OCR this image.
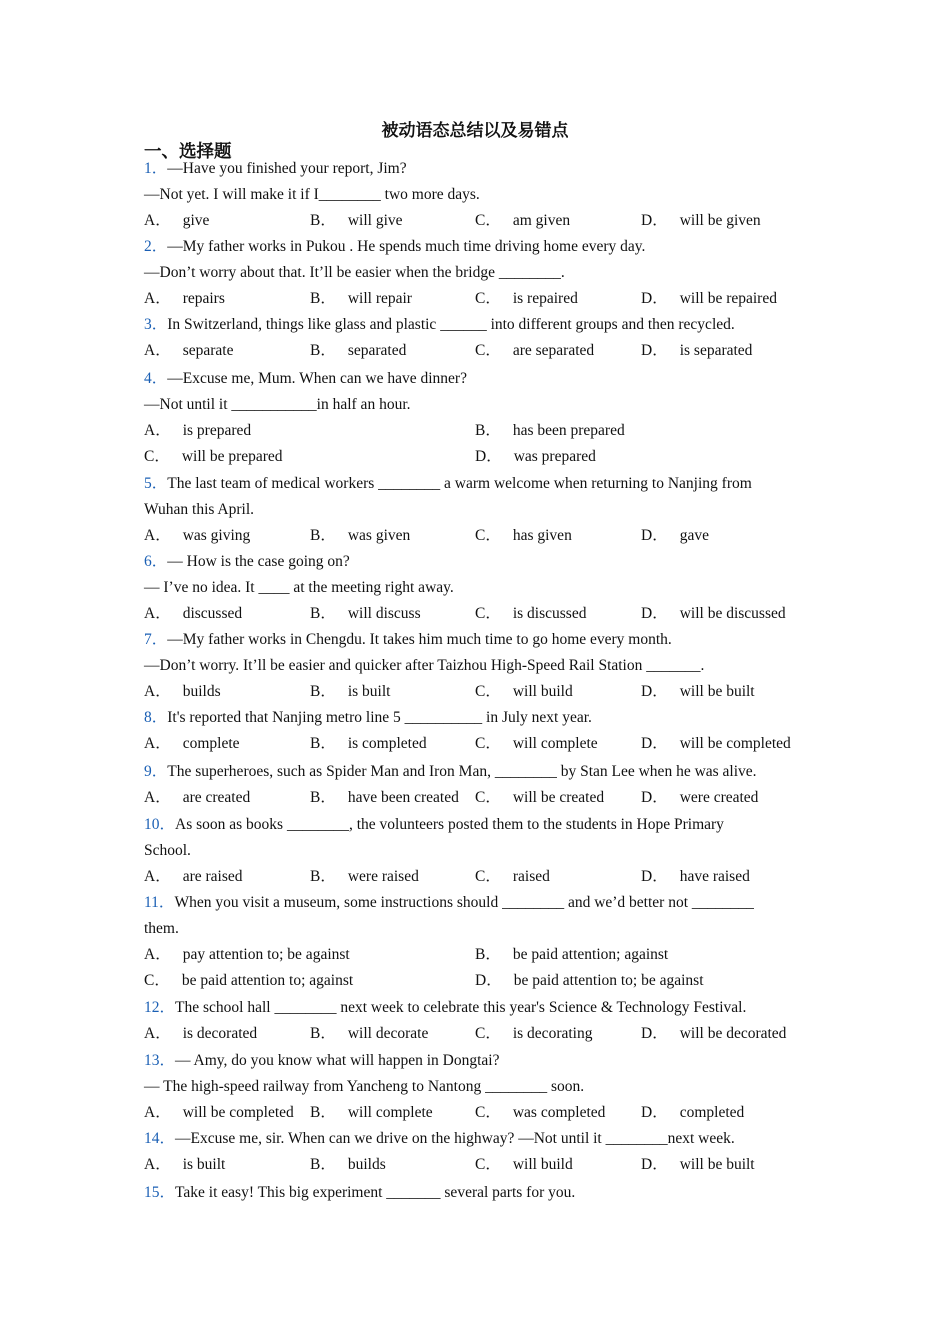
被动语态总结以及易错点
一、选择题
1．—Have you finished your report, Jim?
—Not yet. I will make it if I________ two more days.
A． give	B． will give	C． am given	D． will be given
2．—My father works in Pukou . He spends much time driving home every day.
—Don’t worry about that. It’ll be easier when the bridge ________.
A． repairs	B． will repair	C． is repaired	D． will be repaired
3．In Switzerland, things like glass and plastic ______ into different groups and then recycled.
A． separate	B． separated	C． are separated	D． is separated
4．—Excuse me, Mum. When can we have dinner?
—Not until it ___________in half an hour.
A． is prepared	B． has been prepared
C． will be prepared	D． was prepared
5．The last team of medical workers ________ a warm welcome when returning to Nanjing from
Wuhan this April.
A． was giving	B． was given	C． has given	D． gave
6．— How is the case going on?
— I’ve no idea. It ____ at the meeting right away.
A． discussed	B． will discuss	C． is discussed	D． will be discussed
7．—My father works in Chengdu. It takes him much time to go home every month.
—Don’t worry. It’ll be easier and quicker after Taizhou High-Speed Rail Station _______.
A． builds	B． is built	C． will build	D． will be built
8．It's reported that Nanjing metro line 5 __________ in July next year.
A． complete	B． is completed	C． will complete	D． will be completed
9．The superheroes, such as Spider Man and Iron Man, ________ by Stan Lee when he was alive.
A． are created	B． have been created C． will be created D． were created
10．As soon as books ________, the volunteers posted them to the students in Hope Primary
School.
A． are raised	B． were raised	C． raised	D． have raised
11．When you visit a museum, some instructions should ________ and we’d better not ________
them.
A． pay attention to; be against	B． be paid attention; against
C． be paid attention to; against	D． be paid attention to; be against
12．The school hall ________ next week to celebrate this year's Science & Technology Festival.
A． is decorated	B． will decorate	C． is decorating	D． will be decorated
13．— Amy, do you know what will happen in Dongtai?
— The high-speed railway from Yancheng to Nantong ________ soon.
A． will be completed B． will complete	C． was completed D． completed
14．—Excuse me, sir. When can we drive on the highway? —Not until it ________next week.
A． is built	B． builds	C． will build	D． will be built
15．Take it easy! This big experiment _______ several parts for you.
